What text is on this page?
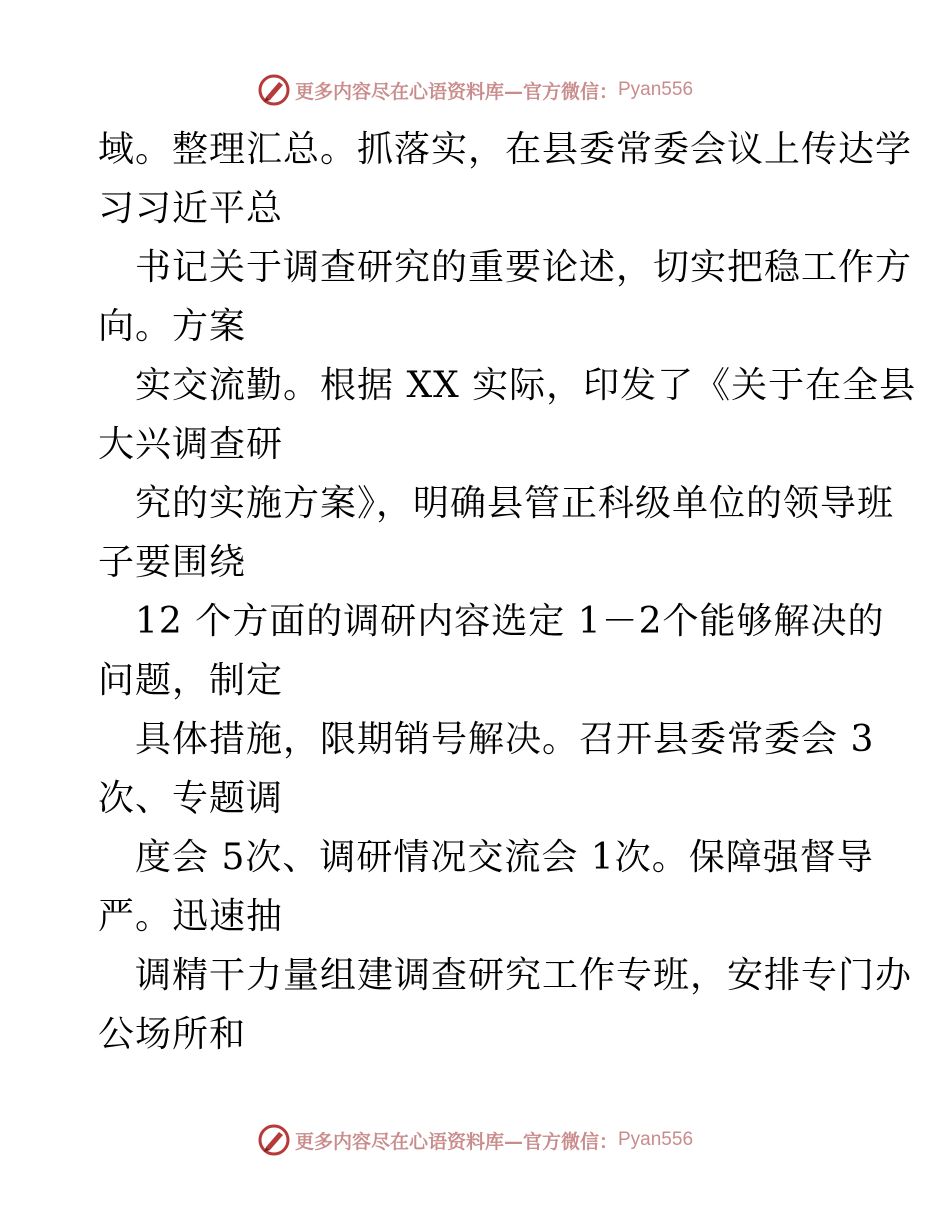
更多内容尽在心语资料库—官方微信： Pyan556
域。整理汇总。抓落实，在县委常委会议上传达学
习习近平总
书记关于调查研究的重要论述，切实把稳工作方
向。方案
实交流勤。根据 XX 实际，印发了《关于在全县
大兴调查研
究的实施方案》，明确县管正科级单位的领导班
子要围绕
12 个方面的调研内容选定 1－2个能够解决的
问题，制定
具体措施，限期销号解决。召开县委常委会 3
次、专题调
度会 5次、调研情况交流会 1次。保障强督导
严。迅速抽
调精干力量组建调查研究工作专班，安排专门办
公场所和
更多内容尽在心语资料库—官方微信： Pyan556
